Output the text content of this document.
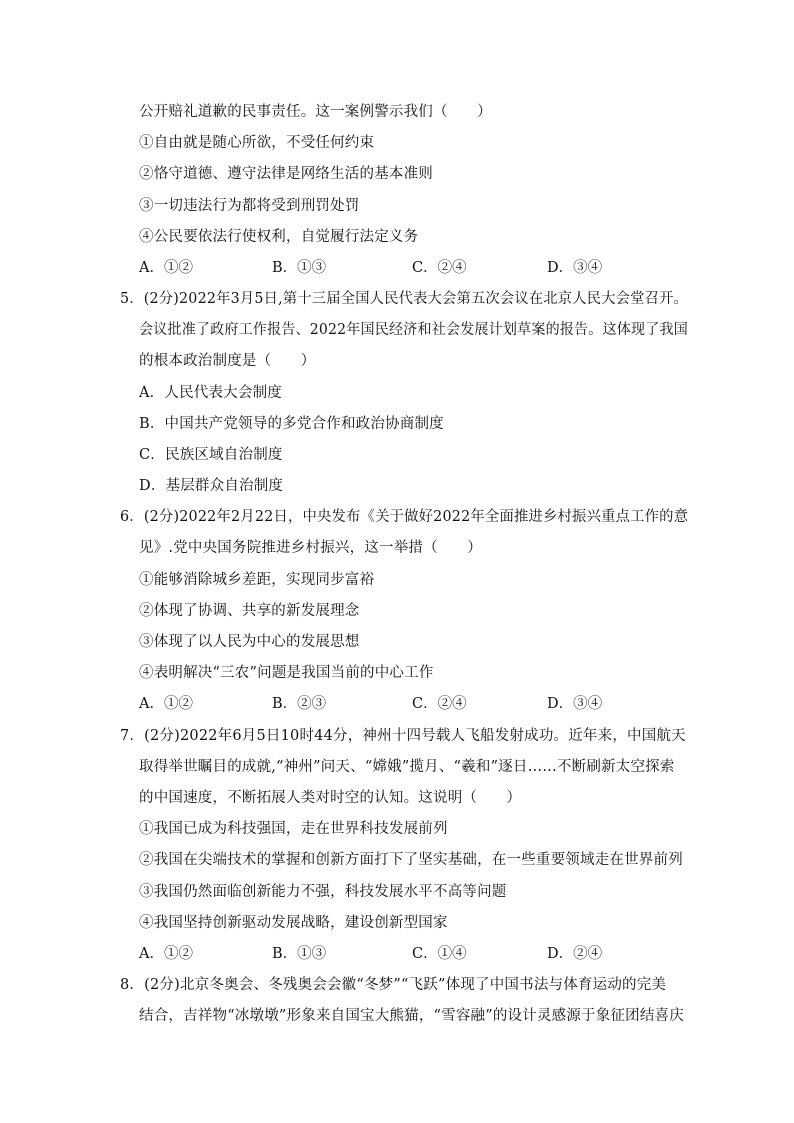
公开赔礼道歉的民事责任。这一案例警示我们（　　）
①自由就是随心所欲，不受任何约束
②恪守道德、遵守法律是网络生活的基本准则
③一切违法行为都将受到刑罚处罚
④公民要依法行使权利，自觉履行法定义务
A．①②	B．①③	C．②④	D．③④
5．(2分)2022年3月5日,第十三届全国人民代表大会第五次会议在北京人民大会堂召开。
会议批准了政府工作报告、2022年国民经济和社会发展计划草案的报告。这体现了我国
的根本政治制度是（　　）
A．人民代表大会制度
B．中国共产党领导的多党合作和政治协商制度
C．民族区域自治制度
D．基层群众自治制度
6．(2分)2022年2月22日，中央发布《关于做好2022年全面推进乡村振兴重点工作的意
见》.党中央国务院推进乡村振兴，这一举措（　　）
①能够消除城乡差距，实现同步富裕
②体现了协调、共享的新发展理念
③体现了以人民为中心的发展思想
④表明解决“三农”问题是我国当前的中心工作
A．①②	B．②③	C．②④	D．③④
7．(2分)2022年6月5日10时44分，神州十四号载人飞船发射成功。近年来，中国航天
取得举世瞩目的成就,“神州”问天、“嫦娥”揽月、“羲和”逐日……不断刷新太空探索
的中国速度，不断拓展人类对时空的认知。这说明（　　）
①我国已成为科技强国，走在世界科技发展前列
②我国在尖端技术的掌握和创新方面打下了坚实基础，在一些重要领域走在世界前列
③我国仍然面临创新能力不强，科技发展水平不高等问题
④我国坚持创新驱动发展战略，建设创新型国家
A．①②	B．①③	C．①④	D．②④
8．(2分)北京冬奥会、冬残奥会会徽“冬梦”“飞跃”体现了中国书法与体育运动的完美
结合，吉祥物“冰墩墩”形象来自国宝大熊猫，“雪容融”的设计灵感源于象征团结喜庆
